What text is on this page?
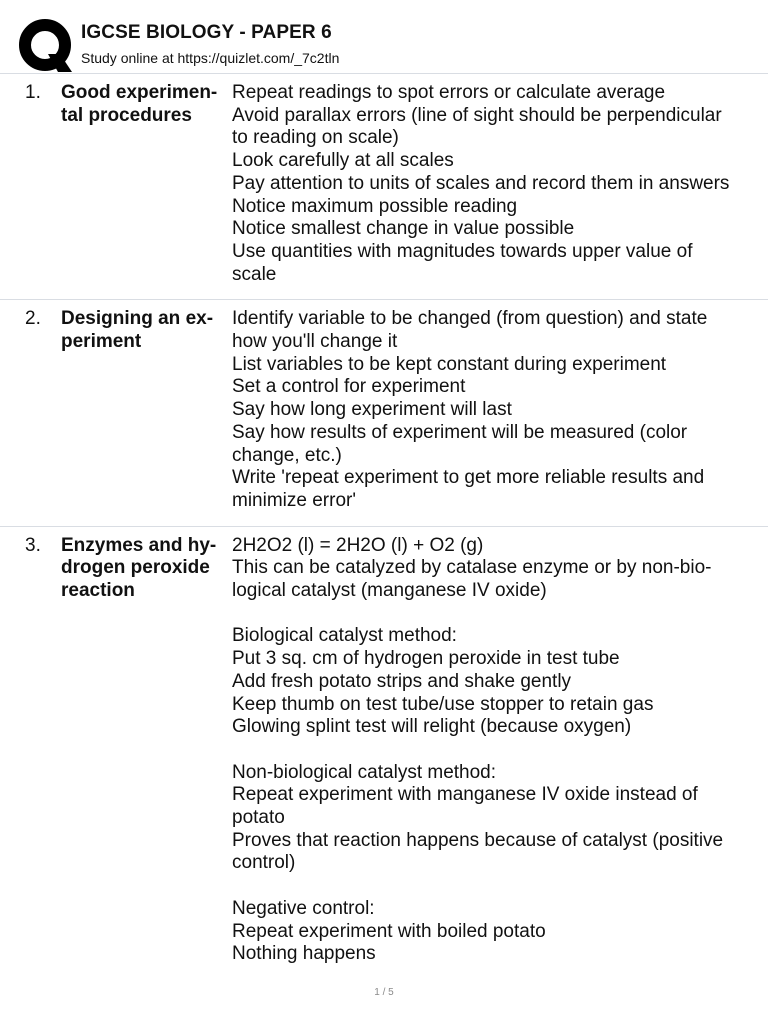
IGCSE BIOLOGY - PAPER 6
Study online at https://quizlet.com/_7c2tln
1. Good experimen-
tal procedures
Repeat readings to spot errors or calculate average
Avoid parallax errors (line of sight should be perpendicular
to reading on scale)
Look carefully at all scales
Pay attention to units of scales and record them in answers
Notice maximum possible reading
Notice smallest change in value possible
Use quantities with magnitudes towards upper value of
scale
2. Designing an ex-
periment
Identify variable to be changed (from question) and state
how you'll change it
List variables to be kept constant during experiment
Set a control for experiment
Say how long experiment will last
Say how results of experiment will be measured (color
change, etc.)
Write 'repeat experiment to get more reliable results and
minimize error'
3. Enzymes and hy-
drogen peroxide
reaction
2H2O2 (l) = 2H2O (l) + O2 (g)
This can be catalyzed by catalase enzyme or by non-bio-
logical catalyst (manganese IV oxide)
Biological catalyst method:
Put 3 sq. cm of hydrogen peroxide in test tube
Add fresh potato strips and shake gently
Keep thumb on test tube/use stopper to retain gas
Glowing splint test will relight (because oxygen)
Non-biological catalyst method:
Repeat experiment with manganese IV oxide instead of
potato
Proves that reaction happens because of catalyst (positive
control)
Negative control:
Repeat experiment with boiled potato
Nothing happens
1 / 5
